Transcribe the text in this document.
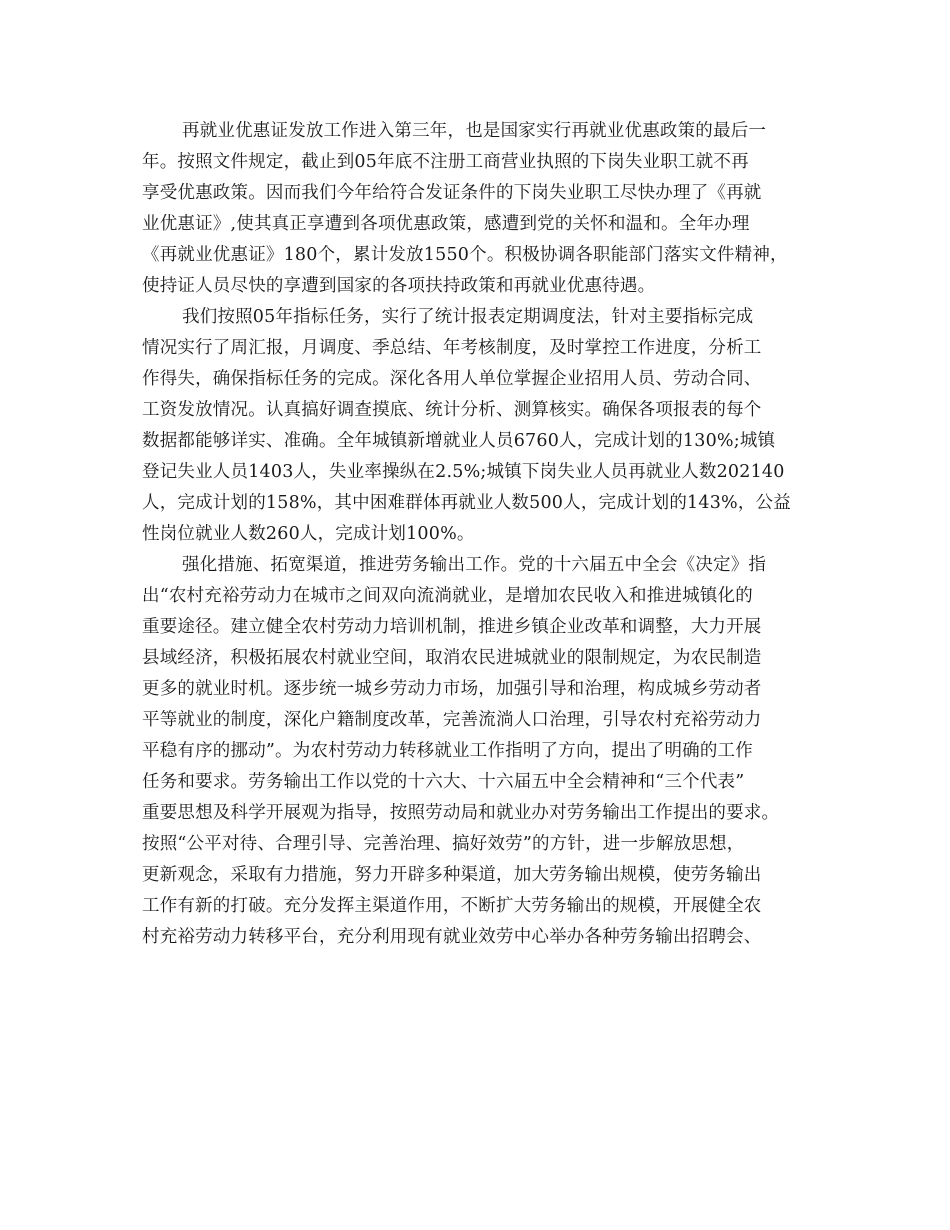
再就业优惠证发放工作进入第三年，也是国家实行再就业优惠政策的最后一
年。按照文件规定，截止到05年底不注册工商营业执照的下岗失业职工就不再
享受优惠政策。因而我们今年给符合发证条件的下岗失业职工尽快办理了《再就
业优惠证》,使其真正享遭到各项优惠政策，感遭到党的关怀和温和。全年办理
《再就业优惠证》180个，累计发放1550个。积极协调各职能部门落实文件精神，
使持证人员尽快的享遭到国家的各项扶持政策和再就业优惠待遇。
我们按照05年指标任务，实行了统计报表定期调度法，针对主要指标完成
情况实行了周汇报，月调度、季总结、年考核制度，及时掌控工作进度，分析工
作得失，确保指标任务的完成。深化各用人单位掌握企业招用人员、劳动合同、
工资发放情况。认真搞好调查摸底、统计分析、测算核实。确保各项报表的每个
数据都能够详实、准确。全年城镇新增就业人员6760人，完成计划的130%;城镇
登记失业人员1403人，失业率操纵在2.5%;城镇下岗失业人员再就业人数202140
人，完成计划的158%，其中困难群体再就业人数500人，完成计划的143%，公益
性岗位就业人数260人，完成计划100%。
强化措施、拓宽渠道，推进劳务输出工作。党的十六届五中全会《决定》指
出“农村充裕劳动力在城市之间双向流淌就业，是增加农民收入和推进城镇化的
重要途径。建立健全农村劳动力培训机制，推进乡镇企业改革和调整，大力开展
县域经济，积极拓展农村就业空间，取消农民进城就业的限制规定，为农民制造
更多的就业时机。逐步统一城乡劳动力市场，加强引导和治理，构成城乡劳动者
平等就业的制度，深化户籍制度改革，完善流淌人口治理，引导农村充裕劳动力
平稳有序的挪动”。为农村劳动力转移就业工作指明了方向，提出了明确的工作
任务和要求。劳务输出工作以党的十六大、十六届五中全会精神和“三个代表”
重要思想及科学开展观为指导，按照劳动局和就业办对劳务输出工作提出的要求。
按照“公平对待、合理引导、完善治理、搞好效劳”的方针，进一步解放思想，
更新观念，采取有力措施，努力开辟多种渠道，加大劳务输出规模，使劳务输出
工作有新的打破。充分发挥主渠道作用，不断扩大劳务输出的规模，开展健全农
村充裕劳动力转移平台，充分利用现有就业效劳中心举办各种劳务输出招聘会、
